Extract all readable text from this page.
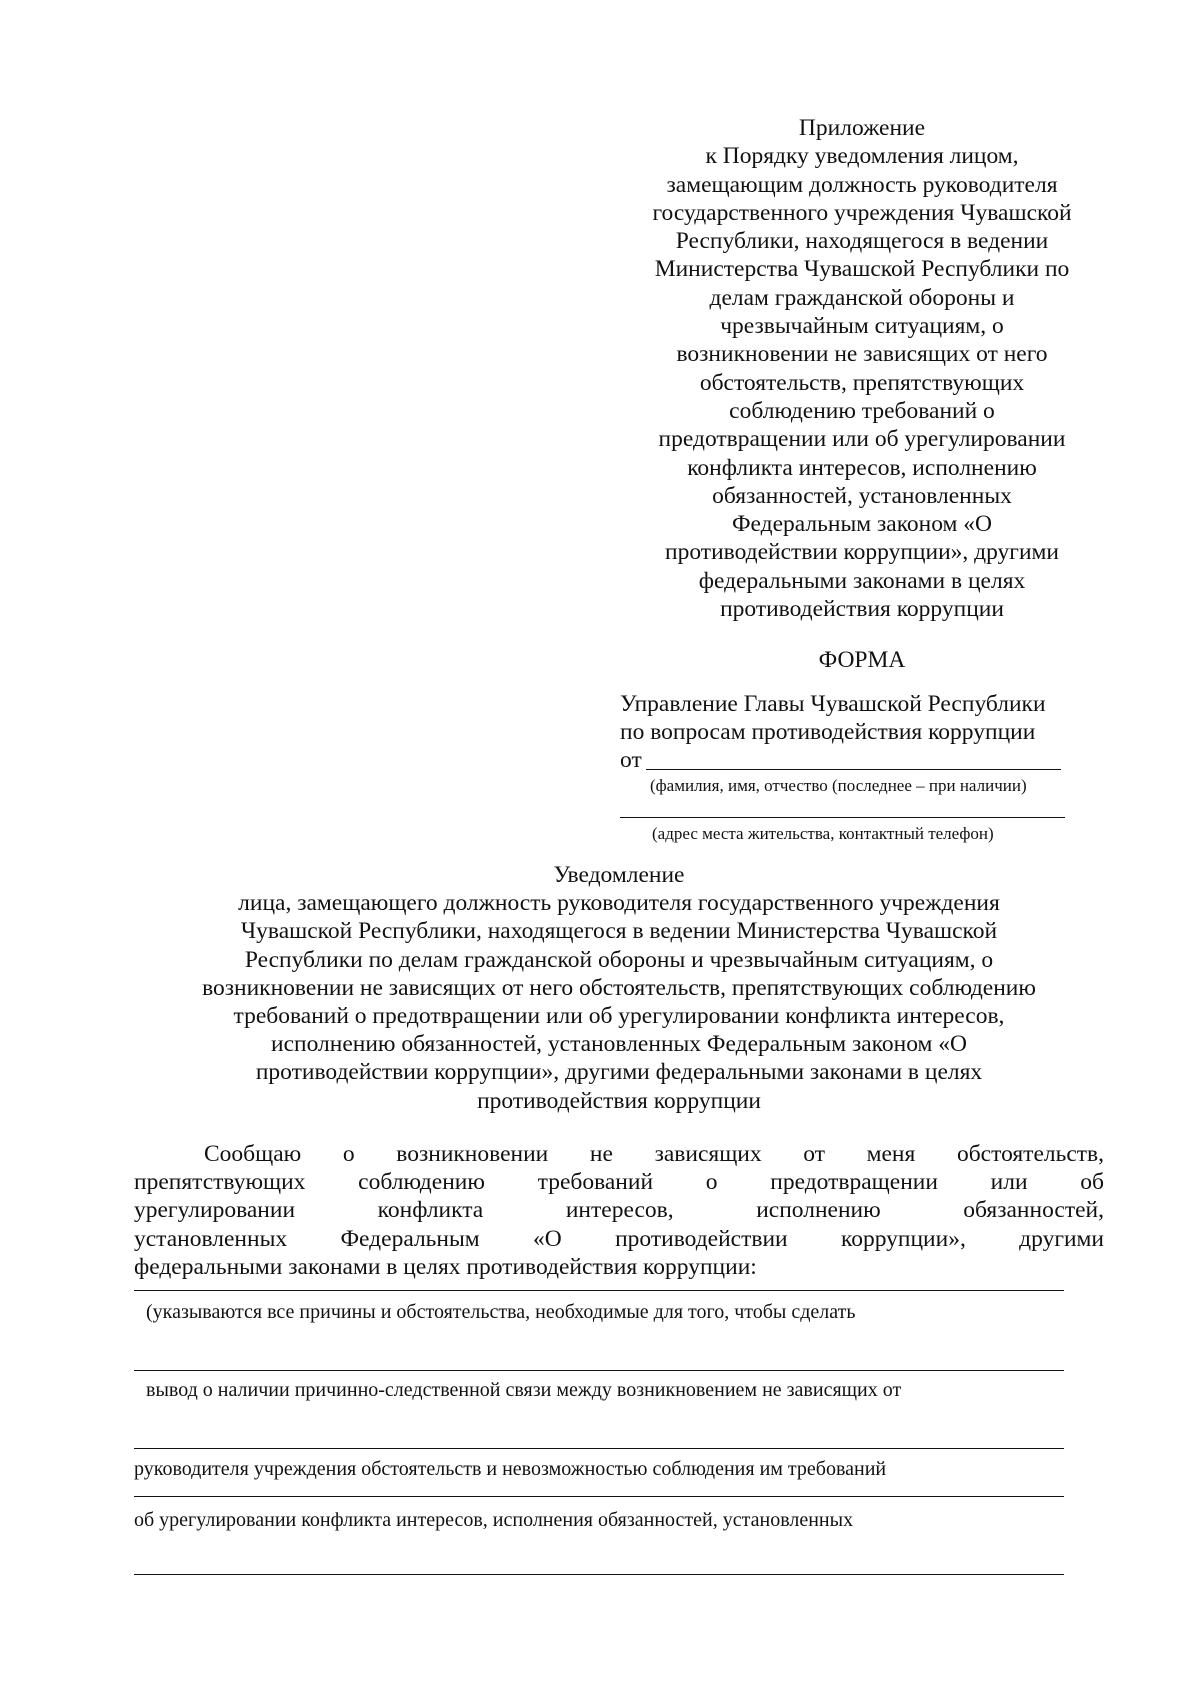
Приложение
к Порядку уведомления лицом,
замещающим должность руководителя
государственного учреждения Чувашской
Республики, находящегося в ведении
Министерства Чувашской Республики по
делам гражданской обороны и
чрезвычайным ситуациям, о
возникновении не зависящих от него
обстоятельств, препятствующих
соблюдению требований о
предотвращении или об урегулировании
конфликта интересов, исполнению
обязанностей, установленных
Федеральным законом «О
противодействии коррупции», другими
федеральными законами в целях
противодействия коррупции
ФОРМА
Управление Главы Чувашской Республики
по вопросам противодействия коррупции
от
(фамилия, имя, отчество (последнее – при наличии)
(адрес места жительства, контактный телефон)
Уведомление
лица, замещающего должность руководителя государственного учреждения
Чувашской Республики, находящегося в ведении Министерства Чувашской
Республики по делам гражданской обороны и чрезвычайным ситуациям, о
возникновении не зависящих от него обстоятельств, препятствующих соблюдению
требований о предотвращении или об урегулировании конфликта интересов,
исполнению обязанностей, установленных Федеральным законом «О
противодействии коррупции», другими федеральными законами в целях
противодействия коррупции
Сообщаю о возникновении не зависящих от меня обстоятельств,
препятствующих соблюдению требований о предотвращении или об
урегулировании конфликта интересов, исполнению обязанностей,
установленных Федеральным «О противодействии коррупции», другими
федеральными законами в целях противодействия коррупции:
(указываются все причины и обстоятельства, необходимые для того, чтобы сделать
вывод о наличии причинно-следственной связи между возникновением не зависящих от
руководителя учреждения обстоятельств и невозможностью соблюдения им требований
об урегулировании конфликта интересов, исполнения обязанностей, установленных
